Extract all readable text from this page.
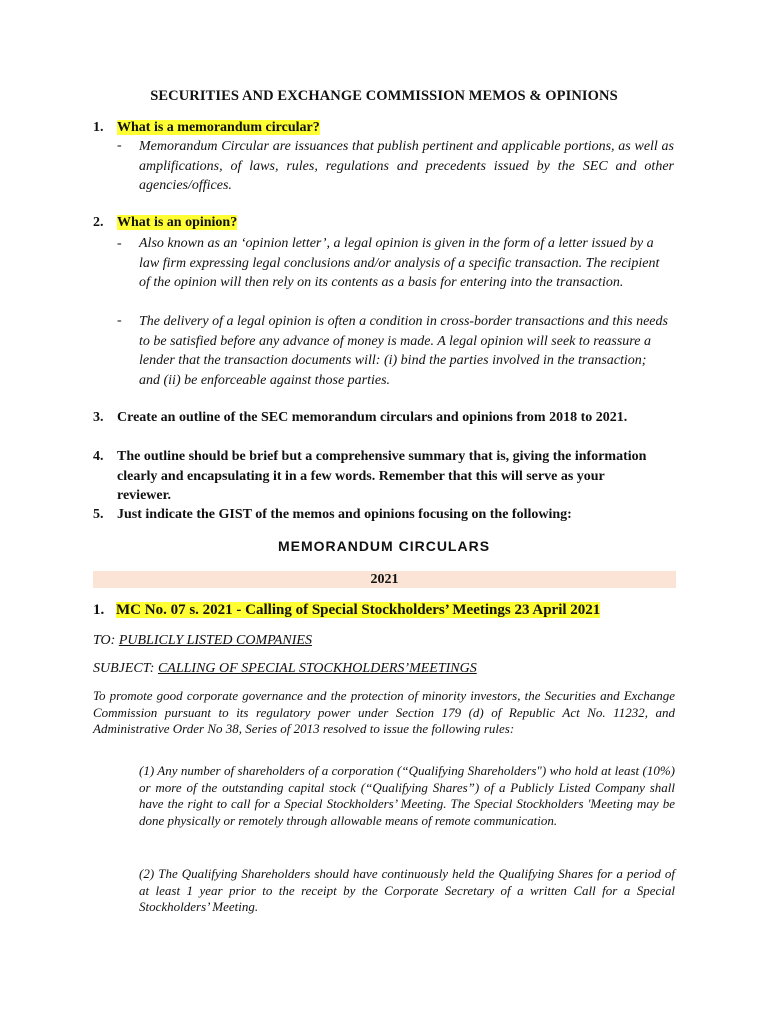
SECURITIES AND EXCHANGE COMMISSION MEMOS & OPINIONS
1. What is a memorandum circular?
- Memorandum Circular are issuances that publish pertinent and applicable portions, as well as amplifications, of laws, rules, regulations and precedents issued by the SEC and other agencies/offices.
2. What is an opinion?
- Also known as an ‘opinion letter’, a legal opinion is given in the form of a letter issued by a law firm expressing legal conclusions and/or analysis of a specific transaction. The recipient of the opinion will then rely on its contents as a basis for entering into the transaction.
- The delivery of a legal opinion is often a condition in cross-border transactions and this needs to be satisfied before any advance of money is made. A legal opinion will seek to reassure a lender that the transaction documents will: (i) bind the parties involved in the transaction; and (ii) be enforceable against those parties.
3. Create an outline of the SEC memorandum circulars and opinions from 2018 to 2021.
4. The outline should be brief but a comprehensive summary that is, giving the information clearly and encapsulating it in a few words. Remember that this will serve as your reviewer.
5. Just indicate the GIST of the memos and opinions focusing on the following:
MEMORANDUM CIRCULARS
2021
1. MC No. 07 s. 2021 - Calling of Special Stockholders’ Meetings 23 April 2021
TO: PUBLICLY LISTED COMPANIES
SUBJECT: CALLING OF SPECIAL STOCKHOLDERS’MEETINGS
To promote good corporate governance and the protection of minority investors, the Securities and Exchange Commission pursuant to its regulatory power under Section 179 (d) of Republic Act No. 11232, and Administrative Order No 38, Series of 2013 resolved to issue the following rules:
(1) Any number of shareholders of a corporation (“Qualifying Shareholders") who hold at least (10%) or more of the outstanding capital stock (“Qualifying Shares”) of a Publicly Listed Company shall have the right to call for a Special Stockholders’ Meeting. The Special Stockholders 'Meeting may be done physically or remotely through allowable means of remote communication.
(2) The Qualifying Shareholders should have continuously held the Qualifying Shares for a period of at least 1 year prior to the receipt by the Corporate Secretary of a written Call for a Special Stockholders’ Meeting.
